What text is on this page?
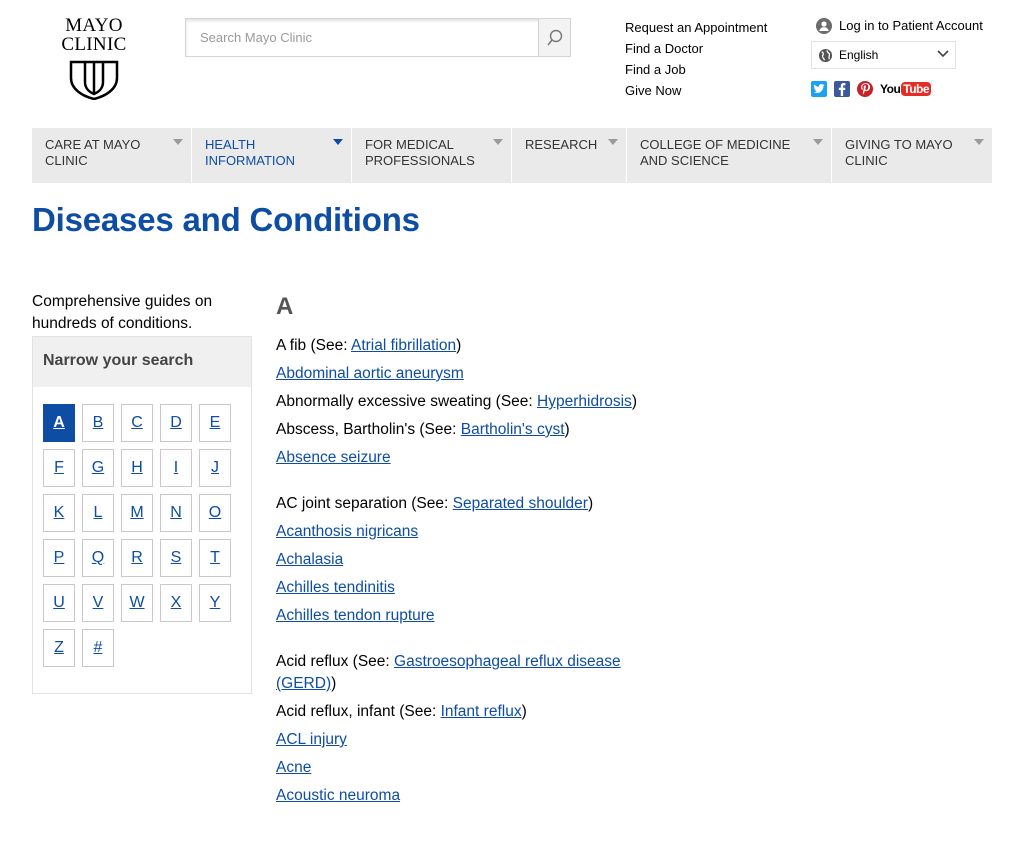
MAYO
CLINIC
Search Mayo Clinic
Request an Appointment
Find a Doctor
Find a Job
Give Now
Log in to Patient Account
English
You Tube
CARE AT MAYO
CLINIC
HEALTH
INFORMATION
FOR MEDICAL
PROFESSIONALS
RESEARCH	COLLEGE OF MEDICINE
AND SCIENCE
GIVING TO MAYO
CLINIC
Diseases and Conditions

Comprehensive guides on hundreds of conditions.

Narrow your search
A	B	C	D	E
F	G	H	I	J
K	L	M	N	O
P	Q	R	S	T
U	V	W	X	Y
Z	#
A
A fib (See: Atrial fibrillation)
Abdominal aortic aneurysm
Abnormally excessive sweating (See: Hyperhidrosis)
Abscess, Bartholin's (See: Bartholin's cyst)
Absence seizure
AC joint separation (See: Separated shoulder)
Acanthosis nigricans
Achalasia
Achilles tendinitis
Achilles tendon rupture
Acid reflux (See: Gastroesophageal reflux disease (GERD))
Acid reflux, infant (See: Infant reflux)
ACL injury
Acne
Acoustic neuroma
